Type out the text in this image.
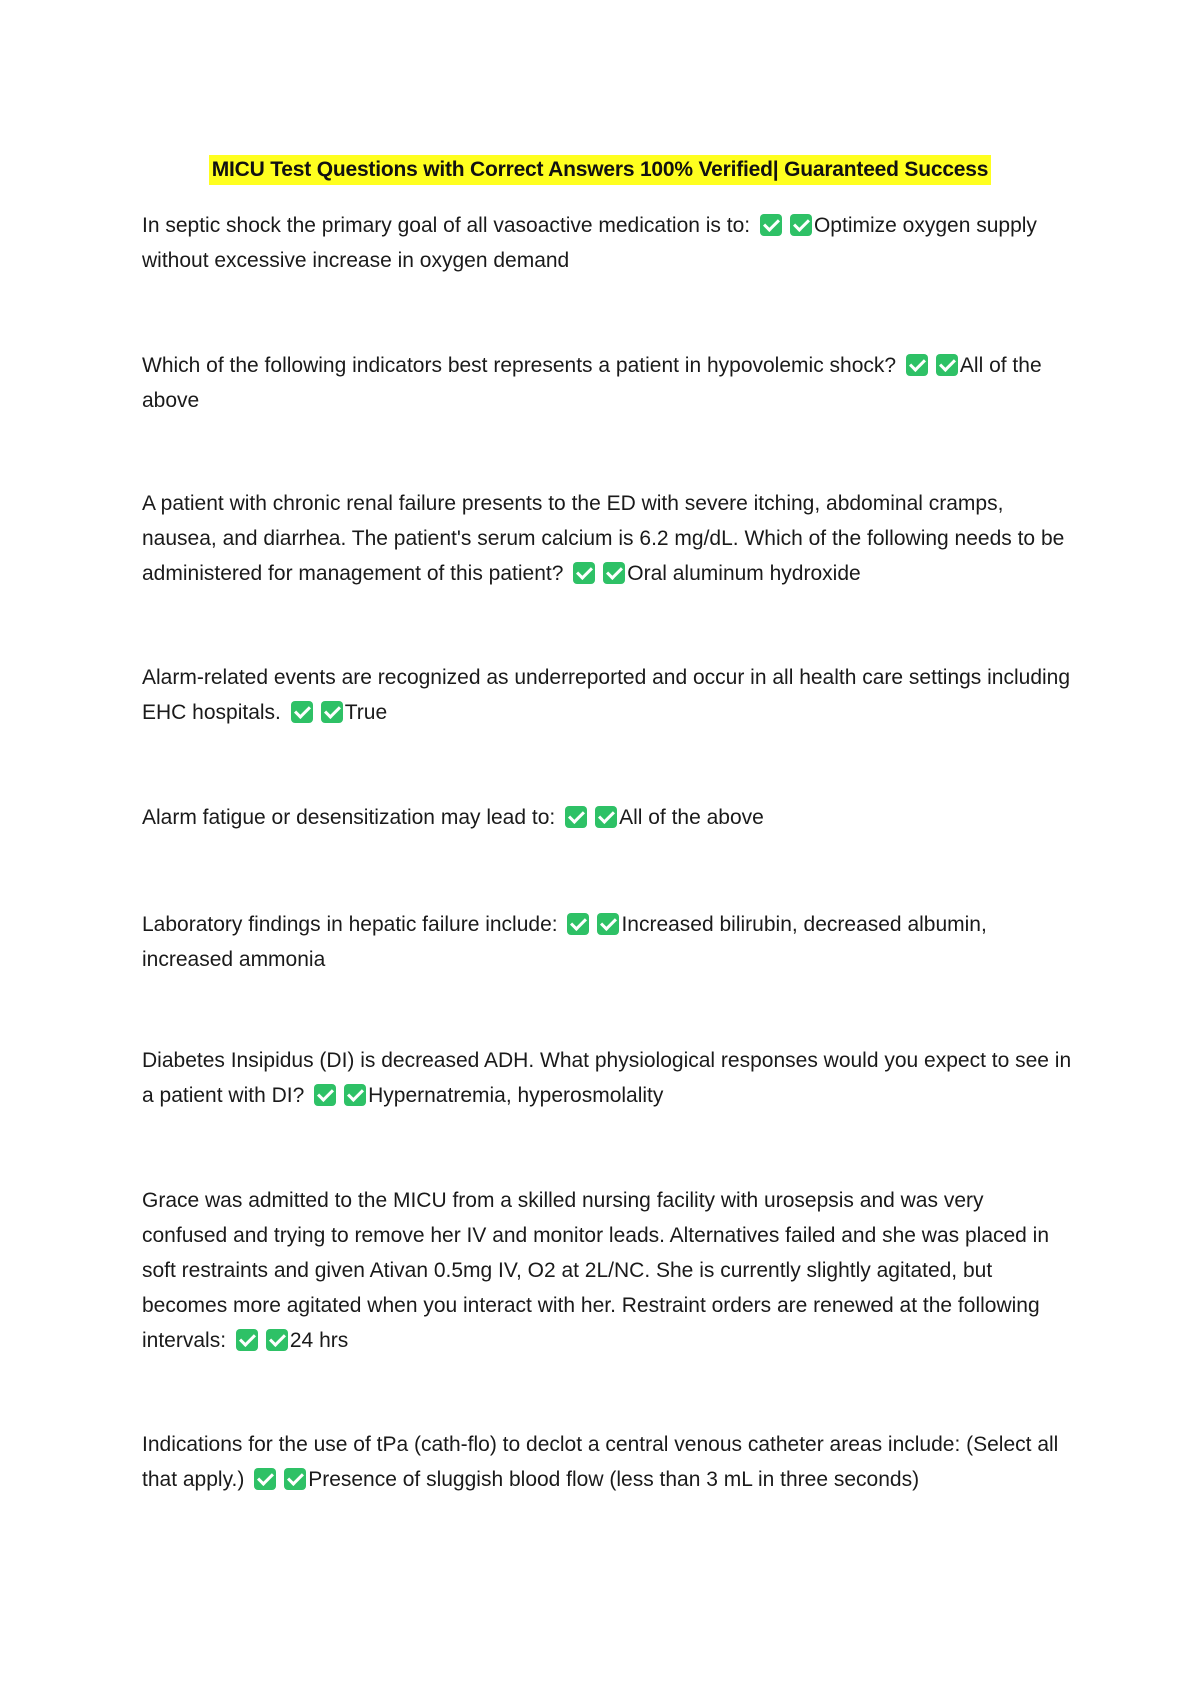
MICU Test Questions with Correct Answers 100% Verified| Guaranteed Success
In septic shock the primary goal of all vasoactive medication is to:	Optimize oxygen supply without excessive increase in oxygen demand
Which of the following indicators best represents a patient in hypovolemic shock?	All of the above
A patient with chronic renal failure presents to the ED with severe itching, abdominal cramps, nausea, and diarrhea. The patient's serum calcium is 6.2 mg/dL. Which of the following needs to be administered for management of this patient?	Oral aluminum hydroxide
Alarm-related events are recognized as underreported and occur in all health care settings including EHC hospitals.	True
Alarm fatigue or desensitization may lead to:	All of the above
Laboratory findings in hepatic failure include:	Increased bilirubin, decreased albumin, increased ammonia
Diabetes Insipidus (DI) is decreased ADH. What physiological responses would you expect to see in a patient with DI?	Hypernatremia, hyperosmolality
Grace was admitted to the MICU from a skilled nursing facility with urosepsis and was very confused and trying to remove her IV and monitor leads. Alternatives failed and she was placed in soft restraints and given Ativan 0.5mg IV, O2 at 2L/NC. She is currently slightly agitated, but becomes more agitated when you interact with her. Restraint orders are renewed at the following intervals:	24 hrs
Indications for the use of tPa (cath-flo) to declot a central venous catheter areas include: (Select all that apply.)	Presence of sluggish blood flow (less than 3 mL in three seconds)
